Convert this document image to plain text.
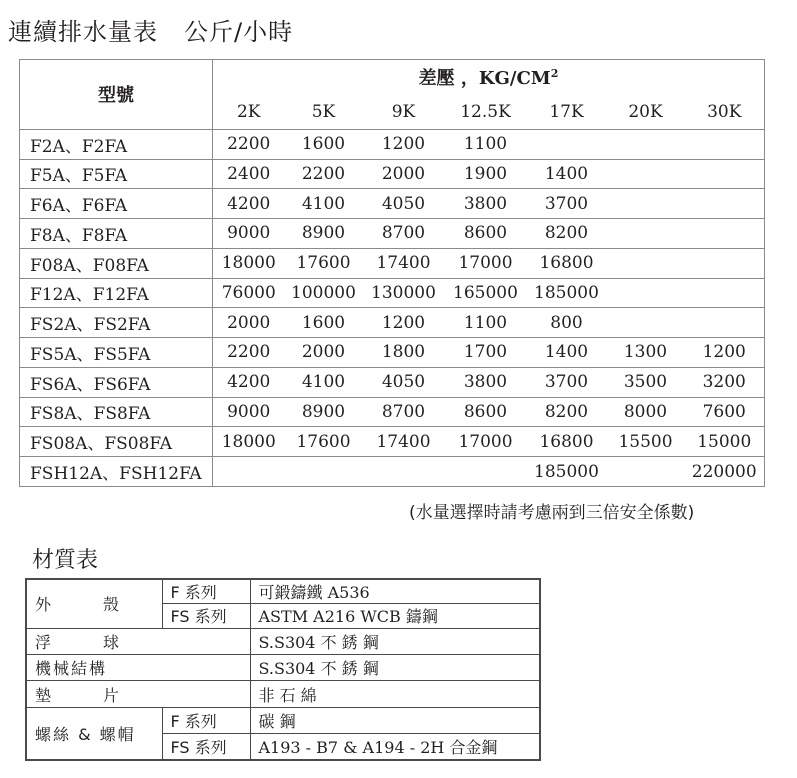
連續排水量表 公斤/小時
型號	差壓 ，$KG/CM^2$
	2K	5K	9K	12.5K	17K	20K	30K
F2A、F2FA	2200	1600	1200	1100			
F5A、F5FA	2400	2200	2000	1900	1400		
F6A、F6FA	4200	4100	4050	3800	3700		
F8A、F8FA	9000	8900	8700	8600	8200		
F08A、F08FA	18000	17600	17400	17000	16800		
F12A、F12FA	76000	100000	130000	165000	185000		
FS2A、FS2FA	2000	1600	1200	1100	800		
FS5A、FS5FA	2200	2000	1800	1700	1400	1300	1200
FS6A、FS6FA	4200	4100	4050	3800	3700	3500	3200
FS8A、FS8FA	9000	8900	8700	8600	8200	8000	7600
FS08A、FS08FA	18000	17600	17400	17000	16800	15500	15000
FSH12A、FSH12FA					185000		220000
(水量選擇時請考慮兩到三倍安全係數)
材質表
外　殼	F 系列	可鍛鑄鐵 A536
	FS 系列	ASTM A216 WCB 鑄鋼
浮　球		S.S304 不 銹 鋼
機械結構		S.S304 不 銹 鋼
墊　片		非 石 綿
螺絲 & 螺帽	F 系列	碳 鋼
	FS 系列	A193 - B7 & A194 - 2H 合金鋼
